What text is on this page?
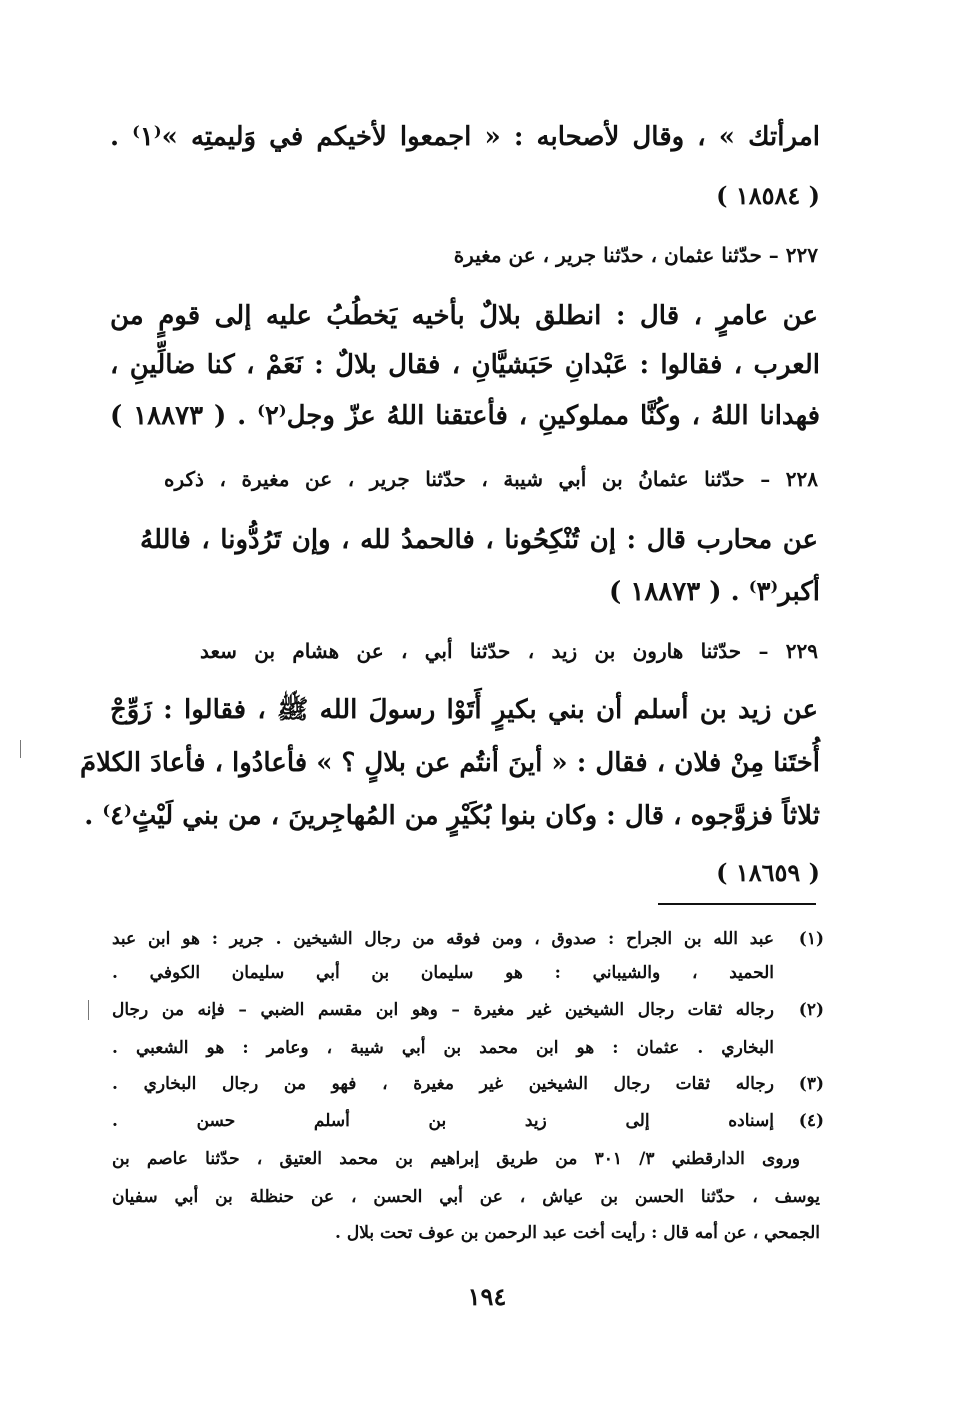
امرأتك » ، وقال لأصحابه : « اجمعوا لأخيكم في وَليمتِه »⁽١⁾ .
( ١٨٥٨٤ )
٢٢٧ – حدّثنا عثمان ، حدّثنا جرير ، عن مغيرة
عن عامرٍ ، قال : انطلق بلالٌ بأخيه يَخطُبُ عليه إلى قومٍ من
العرب ، فقالوا : عَبْدانِ حَبَشيَّانِ ، فقال بلالٌ : نَعَمْ ، كنا ضالِّينِ ،
فهدانا اللهُ ، وكُنَّا مملوكينِ ، فأعتقنا اللهُ عزّ وجل⁽٢⁾ . ( ١٨٨٧٣ )
٢٢٨ – حدّثنا عثمانُ بن أبي شيبة ، حدّثنا جرير ، عن مغيرة ، ذكره
عن محارب قال : إن تُنْكِحُونا ، فالحمدُ لله ، وإن تَرُدُّونا ، فاللهُ
أكبر⁽٣⁾ . ( ١٨٨٧٣ )
٢٢٩ – حدّثنا هارون بن زيد ، حدّثنا أبي ، عن هشام بن سعد
عن زيد بن أسلم أن بني بكيرٍ أَتَوْا رسولَ الله ﷺ ، فقالوا : زَوِّجْ
أُختَنا مِنْ فلان ، فقال : « أينَ أنتُم عن بلالٍ ؟ » فأعادُوا ، فأعادَ الكلامَ
ثلاثاً فزوَّجوه ، قال : وكان بنوا بُكَيْرٍ من المُهاجِرينَ ، من بني لَيْثٍ⁽٤⁾ .
( ١٨٦٥٩ )
(١)
عبد الله بن الجراح : صدوق ، ومن فوقه من رجال الشيخين . جرير : هو ابن عبد
الحميد ، والشيباني : هو سليمان بن أبي سليمان الكوفي .
(٢)
رجاله ثقات رجال الشيخين غير مغيرة – وهو ابن مقسم الضبي – فإنه من رجال
البخاري . عثمان : هو ابن محمد بن أبي شيبة ، وعامر : هو الشعبي .
(٣)
رجاله ثقات رجال الشيخين غير مغيرة ، فهو من رجال البخاري .
(٤)
إسناده إلى زيد بن أسلم حسن .
وروى الدارقطني ٣/ ٣٠١ من طريق إبراهيم بن محمد العتيق ، حدّثنا عاصم بن
يوسف ، حدّثنا الحسن بن عياش ، عن أبي الحسن ، عن حنظلة بن أبي سفيان
الجمحي ، عن أمه قال : رأيت أخت عبد الرحمن بن عوف تحت بلال .
١٩٤
